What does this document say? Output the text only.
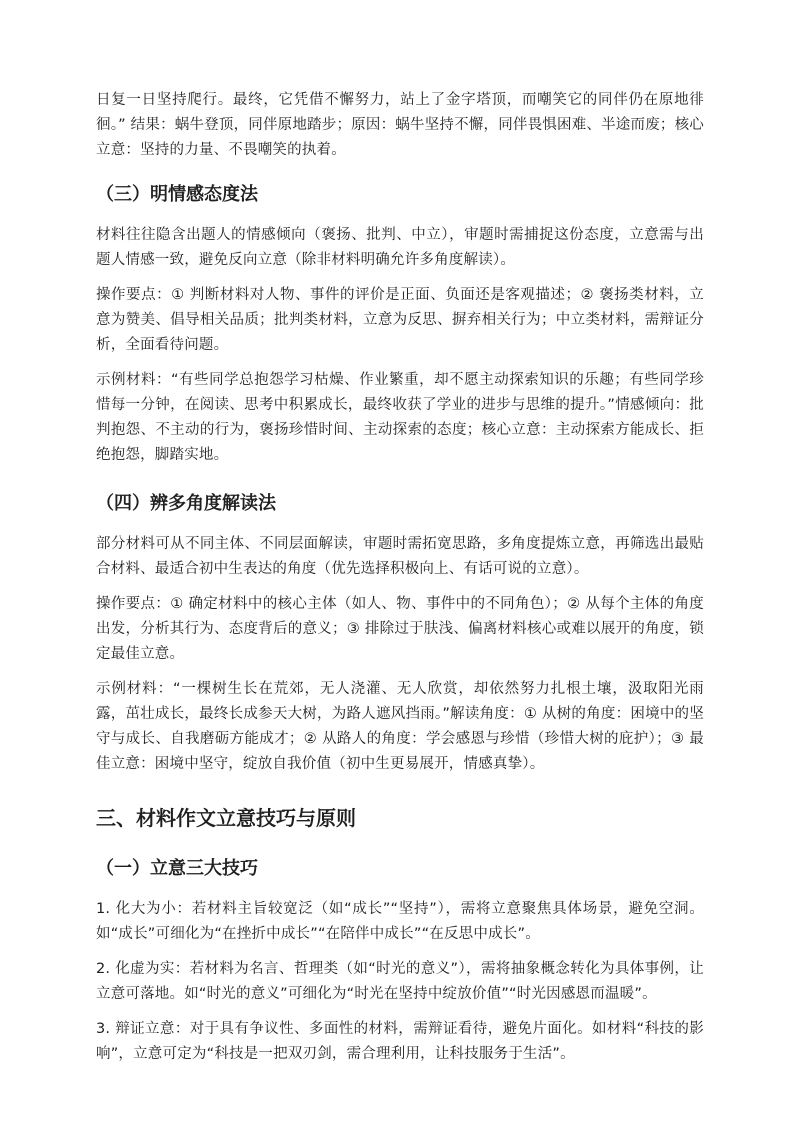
日复一日坚持爬行。最终，它凭借不懈努力，站上了金字塔顶，而嘲笑它的同伴仍在原地徘徊。” 结果：蜗牛登顶，同伴原地踏步；原因：蜗牛坚持不懈，同伴畏惧困难、半途而废；核心立意：坚持的力量、不畏嘲笑的执着。

（三）明情感态度法

材料往往隐含出题人的情感倾向（褒扬、批判、中立），审题时需捕捉这份态度，立意需与出题人情感一致，避免反向立意（除非材料明确允许多角度解读）。

操作要点：① 判断材料对人物、事件的评价是正面、负面还是客观描述；② 褒扬类材料，立意为赞美、倡导相关品质；批判类材料，立意为反思、摒弃相关行为；中立类材料，需辩证分析，全面看待问题。

示例材料：“有些同学总抱怨学习枯燥、作业繁重，却不愿主动探索知识的乐趣；有些同学珍惜每一分钟，在阅读、思考中积累成长，最终收获了学业的进步与思维的提升。”情感倾向：批判抱怨、不主动的行为，褒扬珍惜时间、主动探索的态度；核心立意：主动探索方能成长、拒绝抱怨，脚踏实地。

（四）辨多角度解读法

部分材料可从不同主体、不同层面解读，审题时需拓宽思路，多角度提炼立意，再筛选出最贴合材料、最适合初中生表达的角度（优先选择积极向上、有话可说的立意）。

操作要点：① 确定材料中的核心主体（如人、物、事件中的不同角色）；② 从每个主体的角度出发，分析其行为、态度背后的意义；③ 排除过于肤浅、偏离材料核心或难以展开的角度，锁定最佳立意。

示例材料：“一棵树生长在荒郊，无人浇灌、无人欣赏，却依然努力扎根土壤，汲取阳光雨露，茁壮成长，最终长成参天大树，为路人遮风挡雨。”解读角度：① 从树的角度：困境中的坚守与成长、自我磨砺方能成才；② 从路人的角度：学会感恩与珍惜（珍惜大树的庇护）；③ 最佳立意：困境中坚守，绽放自我价值（初中生更易展开，情感真挚）。

三、材料作文立意技巧与原则
（一）立意三大技巧

1. 化大为小：若材料主旨较宽泛（如“成长”“坚持”），需将立意聚焦具体场景，避免空洞。如“成长”可细化为“在挫折中成长”“在陪伴中成长”“在反思中成长”。

2. 化虚为实：若材料为名言、哲理类（如“时光的意义”），需将抽象概念转化为具体事例，让立意可落地。如“时光的意义”可细化为“时光在坚持中绽放价值”“时光因感恩而温暖”。

3. 辩证立意：对于具有争议性、多面性的材料，需辩证看待，避免片面化。如材料“科技的影响”，立意可定为“科技是一把双刃剑，需合理利用，让科技服务于生活”。
